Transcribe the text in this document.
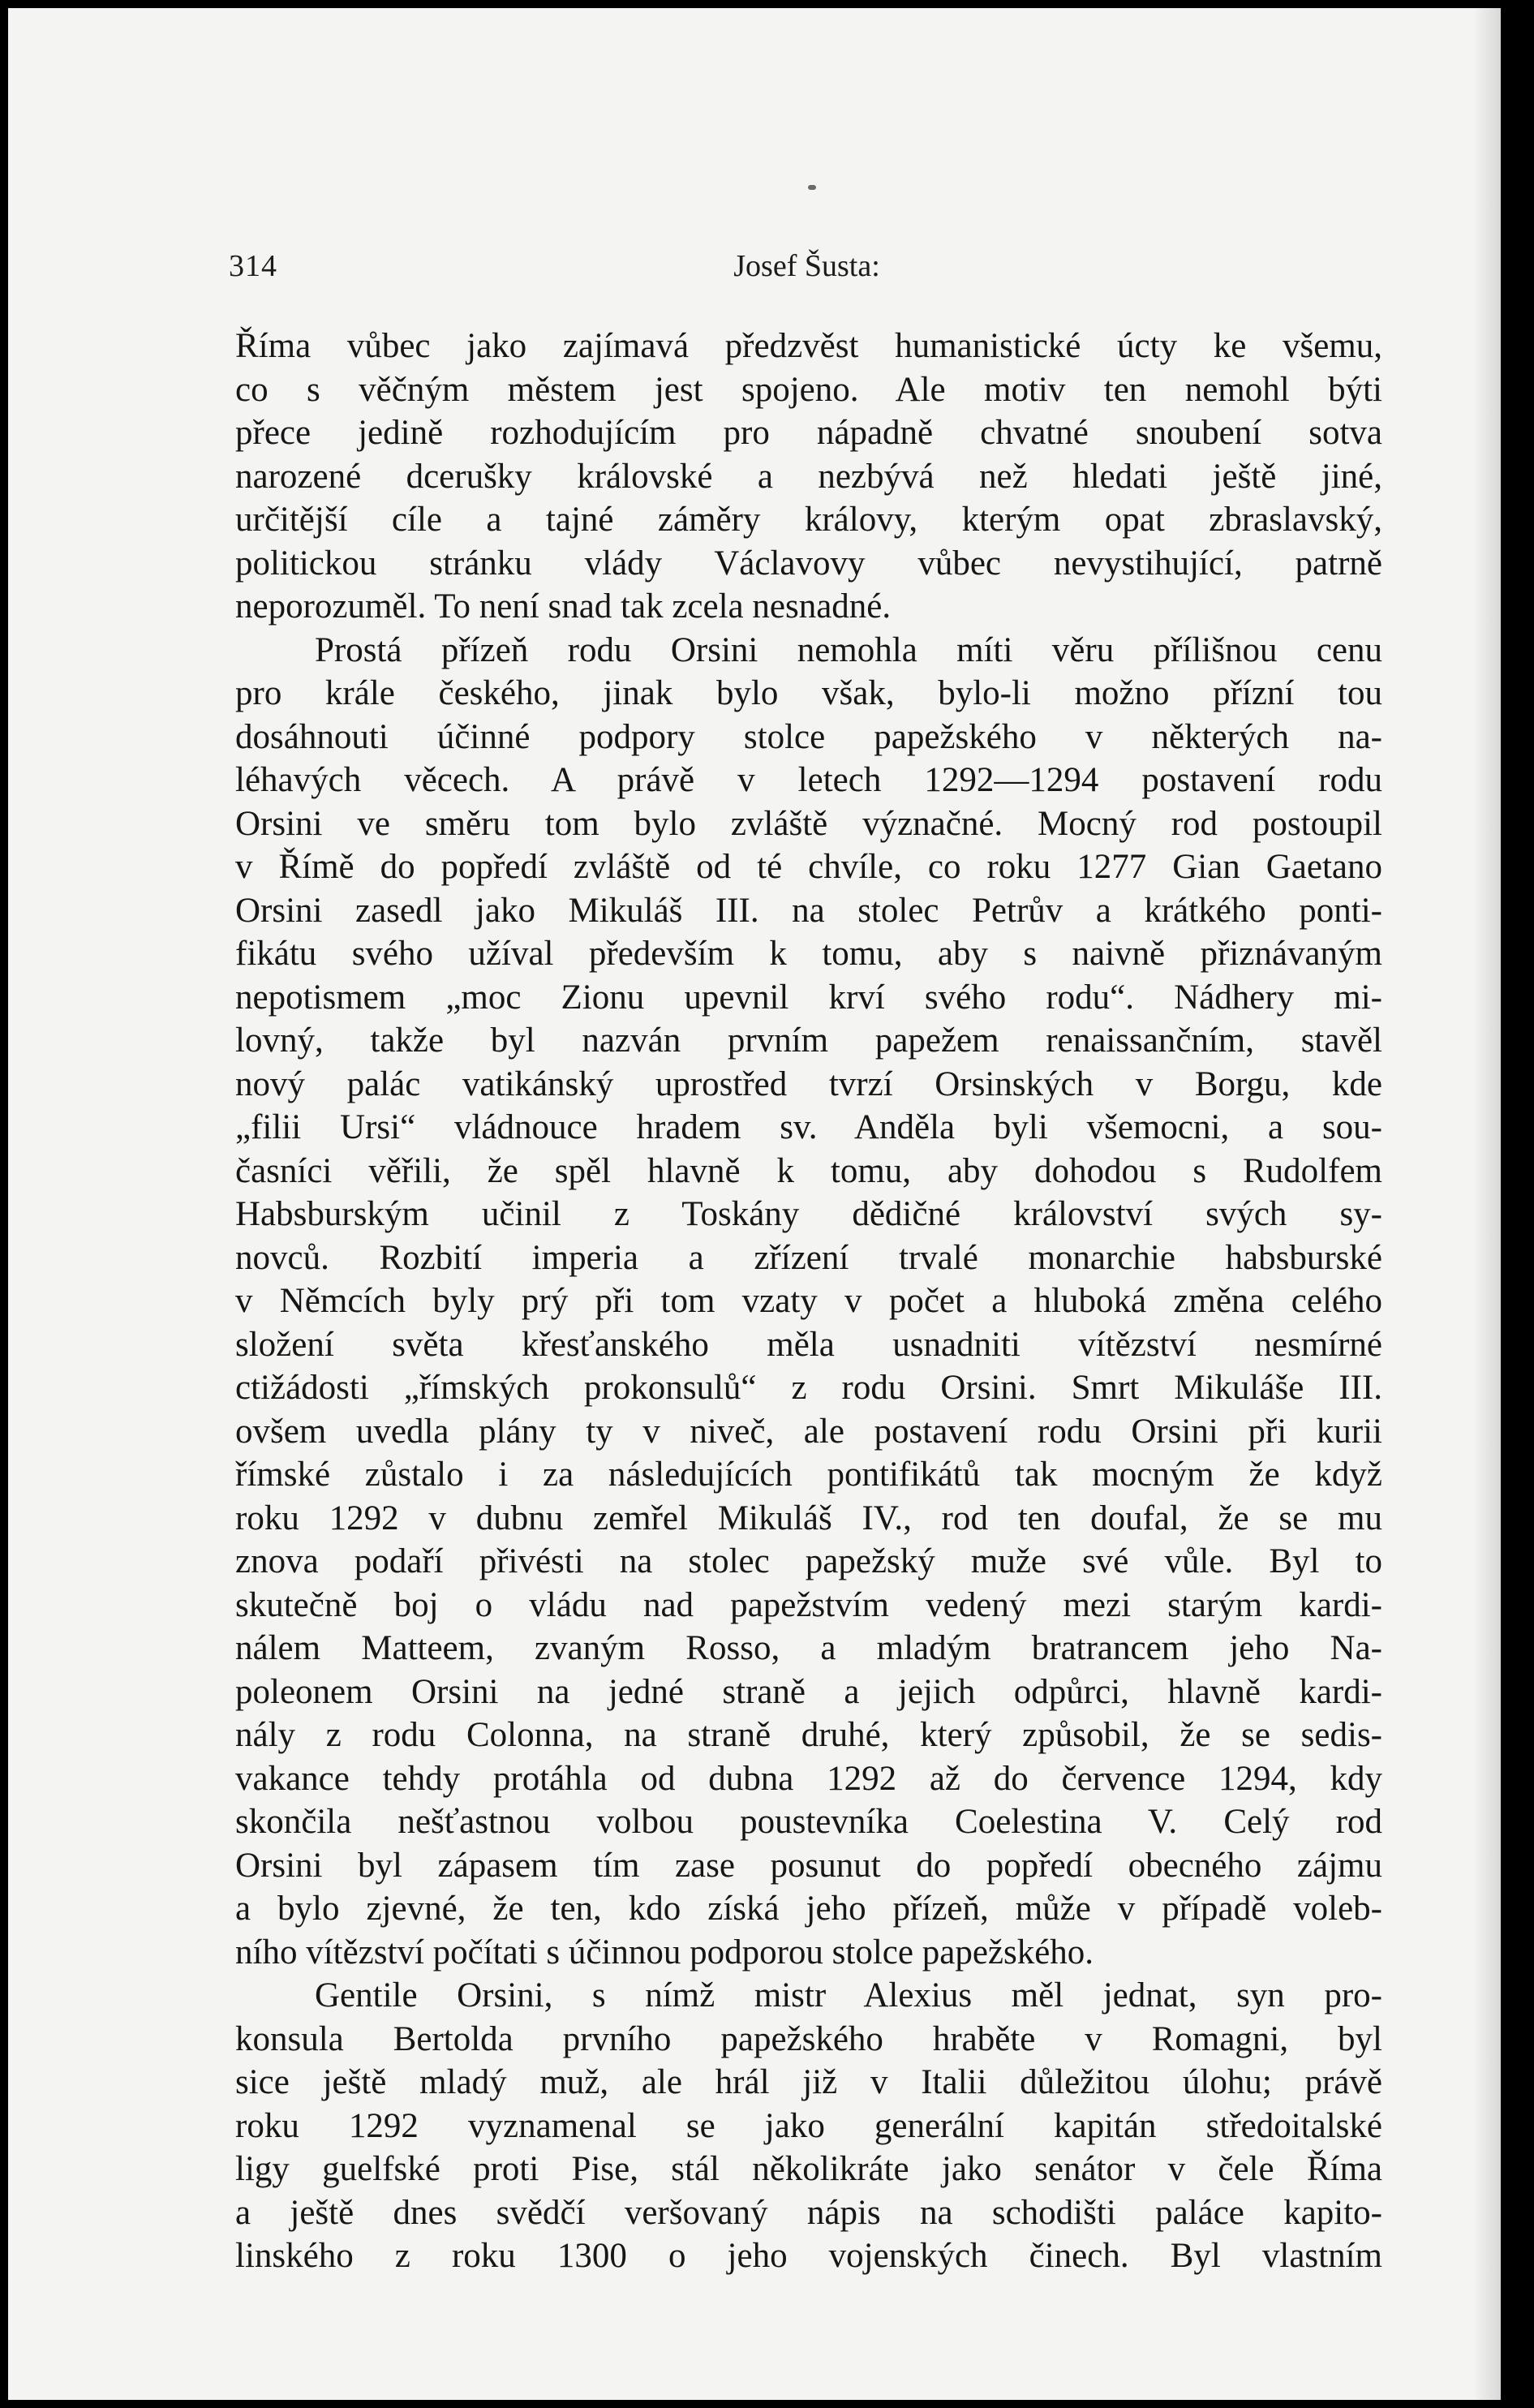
314	Josef Šusta:
Říma vůbec jako zajímavá předzvěst humanistické úcty ke všemu,
co s věčným městem jest spojeno. Ale motiv ten nemohl býti
přece jedině rozhodujícím pro nápadně chvatné snoubení sotva
narozené dcerušky královské a nezbývá než hledati ještě jiné,
určitější cíle a tajné záměry královy, kterým opat zbraslavský,
politickou stránku vlády Václavovy vůbec nevystihující, patrně
neporozuměl. To není snad tak zcela nesnadné.
Prostá přízeň rodu Orsini nemohla míti věru přílišnou cenu
pro krále českého, jinak bylo však, bylo-li možno přízní tou
dosáhnouti účinné podpory stolce papežského v některých na-
léhavých věcech. A právě v letech 1292—1294 postavení rodu
Orsini ve směru tom bylo zvláště význačné. Mocný rod postoupil
v Římě do popředí zvláště od té chvíle, co roku 1277 Gian Gaetano
Orsini zasedl jako Mikuláš III. na stolec Petrův a krátkého ponti-
fikátu svého užíval především k tomu, aby s naivně přiznávaným
nepotismem „moc Zionu upevnil krví svého rodu“. Nádhery mi-
lovný, takže byl nazván prvním papežem renaissančním, stavěl
nový palác vatikánský uprostřed tvrzí Orsinských v Borgu, kde
„filii Ursi“ vládnouce hradem sv. Anděla byli všemocni, a sou-
časníci věřili, že spěl hlavně k tomu, aby dohodou s Rudolfem
Habsburským učinil z Toskány dědičné království svých sy-
novců. Rozbití imperia a zřízení trvalé monarchie habsburské
v Němcích byly prý při tom vzaty v počet a hluboká změna celého
složení světa křesťanského měla usnadniti vítězství nesmírné
ctižádosti „římských prokonsulů“ z rodu Orsini. Smrt Mikuláše III.
ovšem uvedla plány ty v niveč, ale postavení rodu Orsini při kurii
římské zůstalo i za následujících pontifikátů tak mocným že když
roku 1292 v dubnu zemřel Mikuláš IV., rod ten doufal, že se mu
znova podaří přivésti na stolec papežský muže své vůle. Byl to
skutečně boj o vládu nad papežstvím vedený mezi starým kardi-
nálem Matteem, zvaným Rosso, a mladým bratrancem jeho Na-
poleonem Orsini na jedné straně a jejich odpůrci, hlavně kardi-
nály z rodu Colonna, na straně druhé, který způsobil, že se sedis-
vakance tehdy protáhla od dubna 1292 až do července 1294, kdy
skončila nešťastnou volbou poustevníka Coelestina V. Celý rod
Orsini byl zápasem tím zase posunut do popředí obecného zájmu
a bylo zjevné, že ten, kdo získá jeho přízeň, může v případě voleb-
ního vítězství počítati s účinnou podporou stolce papežského.
Gentile Orsini, s nímž mistr Alexius měl jednat, syn pro-
konsula Bertolda prvního papežského hraběte v Romagni, byl
sice ještě mladý muž, ale hrál již v Italii důležitou úlohu; právě
roku 1292 vyznamenal se jako generální kapitán středoitalské
ligy guelfské proti Pise, stál několikráte jako senátor v čele Říma
a ještě dnes svědčí veršovaný nápis na schodišti paláce kapito-
linského z roku 1300 o jeho vojenských činech. Byl vlastním
